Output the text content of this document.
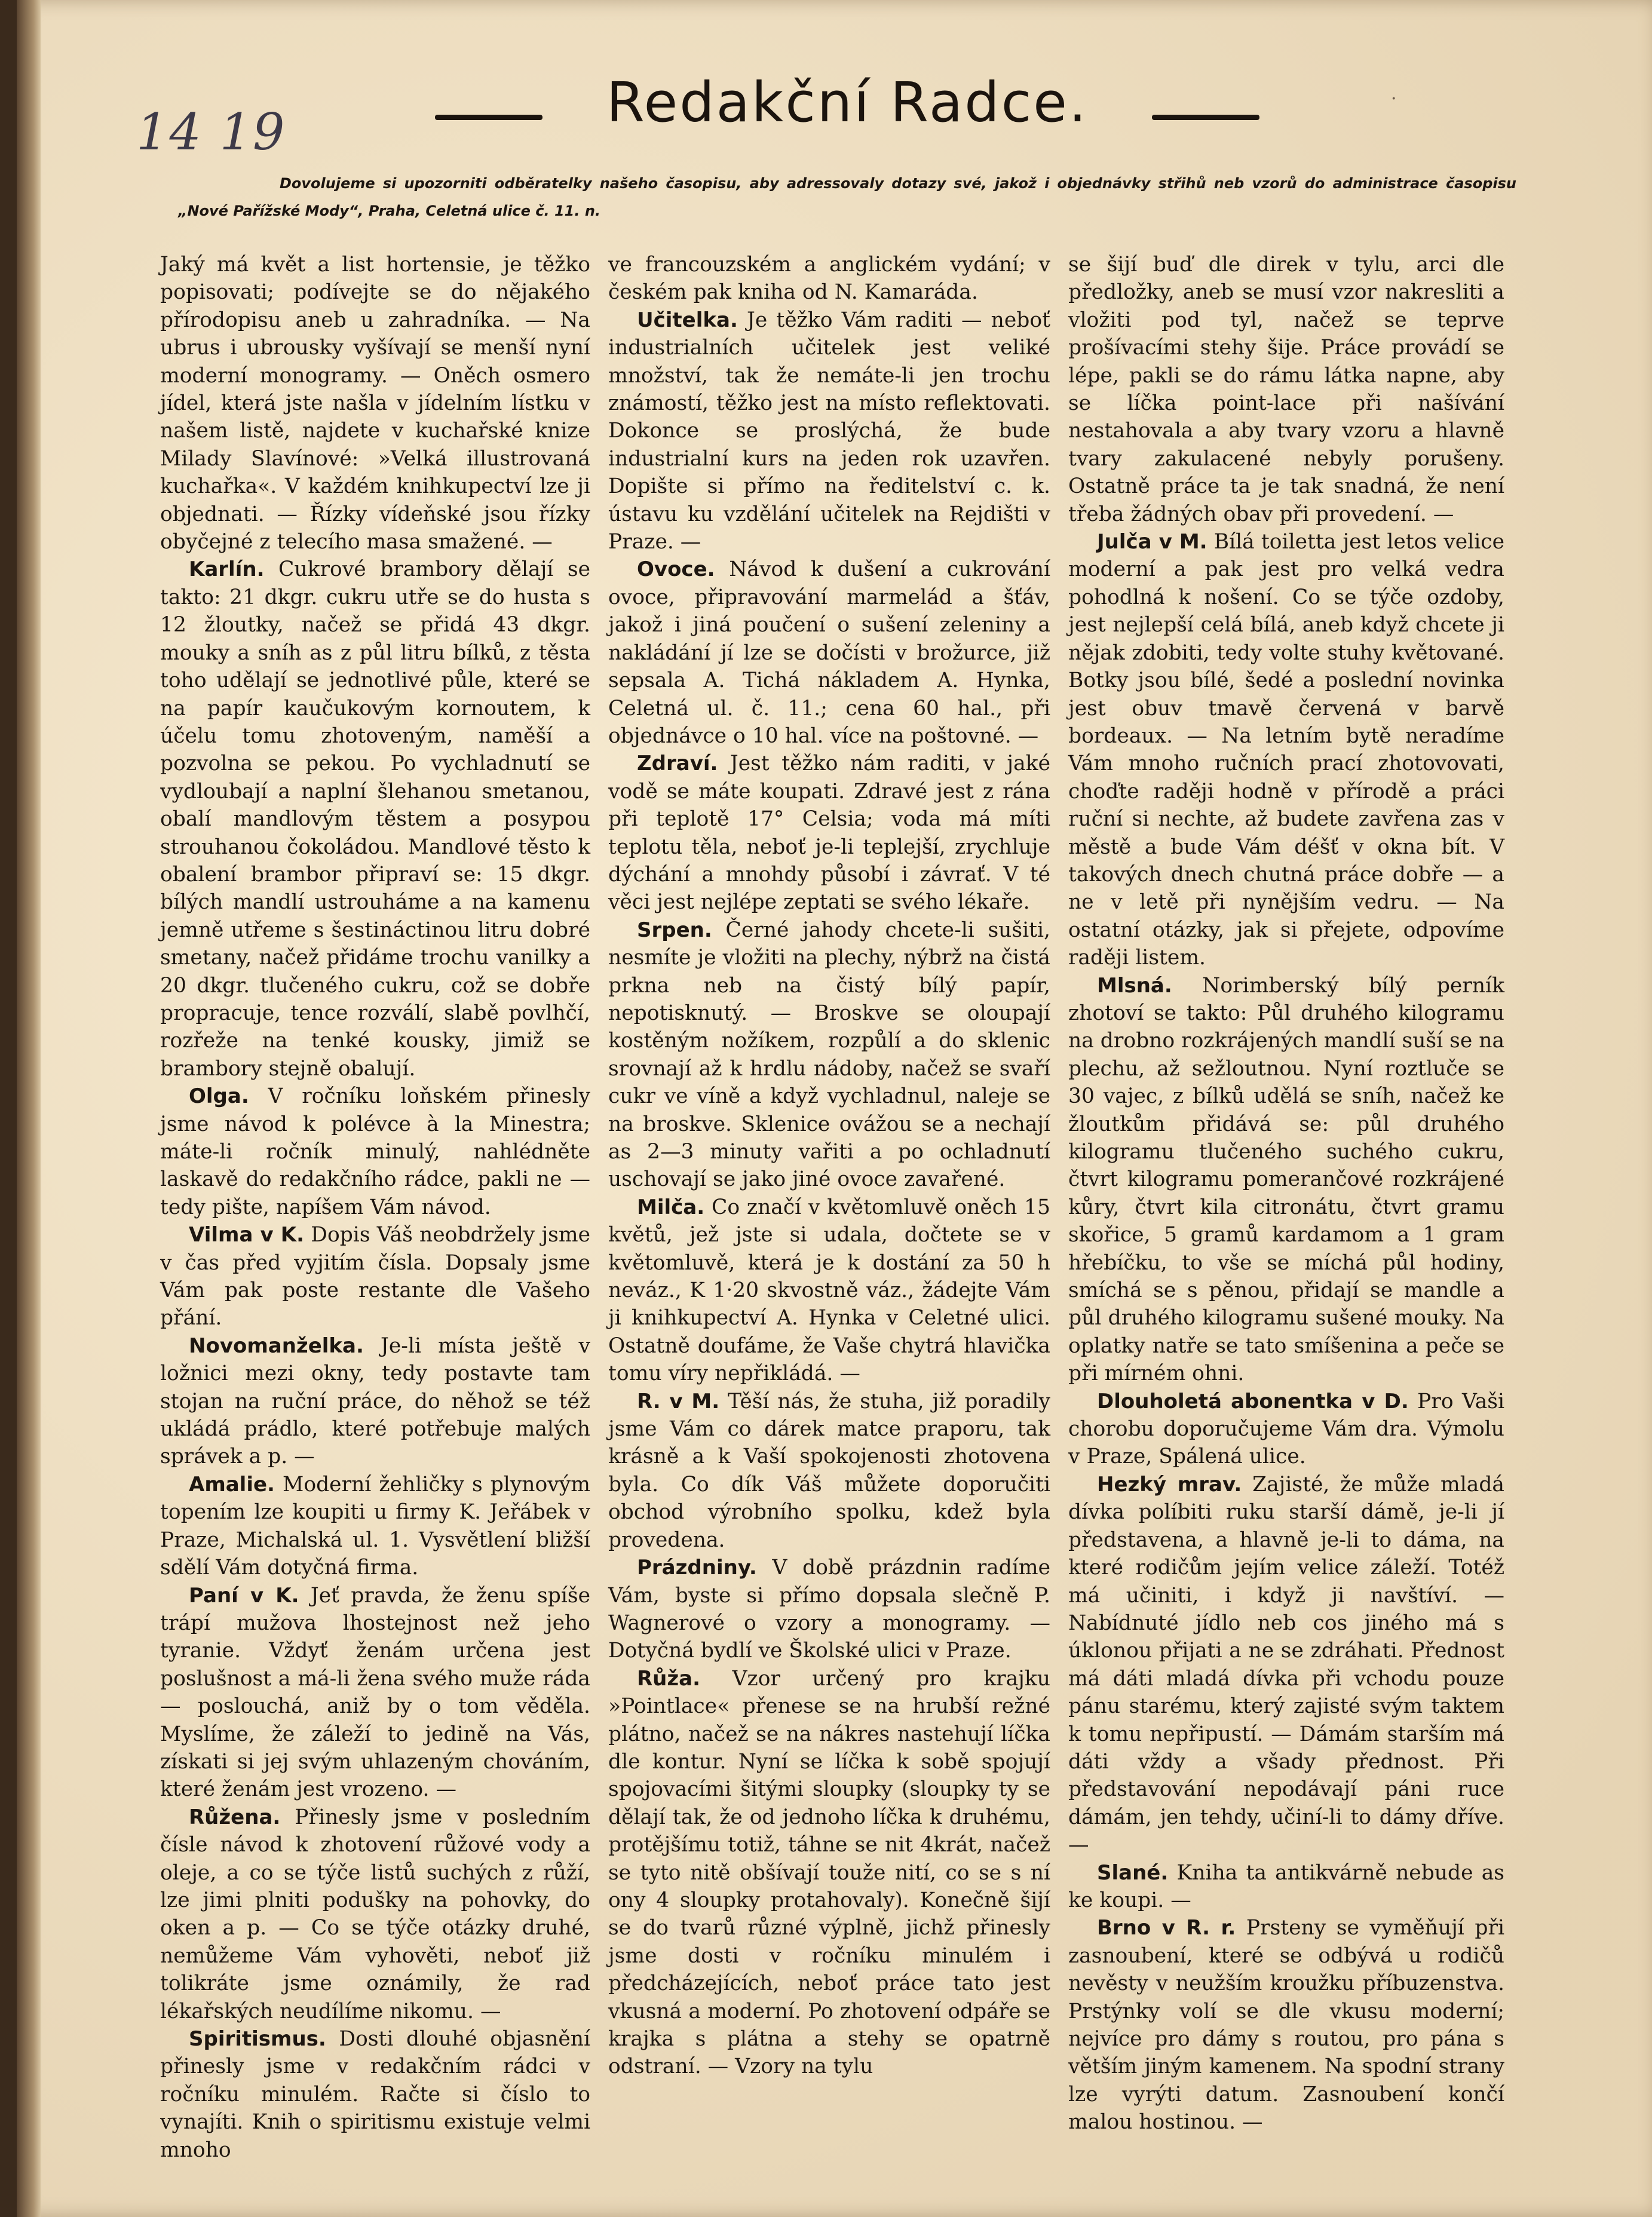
14 19
·
Redakční Radce.
Dovolujeme si upozorniti odběratelky našeho časopisu, aby adressovaly dotazy své, jakož i objednávky střihů neb vzorů do administrace časopisu „Nové Pařížské Mody“, Praha, Celetná ulice č. 11. n.

Jaký má květ a list hortensie, je těžko popisovati; podívejte se do nějakého přírodopisu aneb u zahradníka. — Na ubrus i ubrousky vyšívají se menší nyní moderní monogramy. — Oněch osmero jídel, která jste našla v jídelním lístku v našem listě, najdete v kuchařské knize Milady Slavínové: »Velká illustrovaná kuchařka«. V každém knihkupectví lze ji objednati. — Řízky vídeňské jsou řízky obyčejné z telecího masa smažené. —

Karlín. Cukrové brambory dělají se takto: 21 dkgr. cukru utře se do husta s 12 žloutky, načež se přidá 43 dkgr. mouky a sníh as z půl litru bílků, z těsta toho udělají se jednotlivé půle, které se na papír kaučukovým kornoutem, k účelu tomu zhotoveným, naměší a pozvolna se pekou. Po vychladnutí se vydloubají a naplní šlehanou smetanou, obalí mandlovým těstem a posypou strouhanou čokoládou. Mandlové těsto k obalení brambor připraví se: 15 dkgr. bílých mandlí ustrouháme a na kamenu jemně utřeme s šestináctinou litru dobré smetany, načež přidáme trochu vanilky a 20 dkgr. tlučeného cukru, což se dobře propracuje, tence rozválí, slabě povlhčí, rozřeže na tenké kousky, jimiž se brambory stejně obalují.

Olga. V ročníku loňském přinesly jsme návod k polévce à la Minestra; máte-li ročník minulý, nahlédněte laskavě do redakčního rádce, pakli ne — tedy pište, napíšem Vám návod.

Vilma v K. Dopis Váš neobdržely jsme v čas před vyjitím čísla. Dopsaly jsme Vám pak poste restante dle Vašeho přání.

Novomanželka. Je-li místa ještě v ložnici mezi okny, tedy postavte tam stojan na ruční práce, do něhož se též ukládá prádlo, které potřebuje malých správek a p. —

Amalie. Moderní žehličky s plynovým topením lze koupiti u firmy K. Jeřábek v Praze, Michalská ul. 1. Vysvětlení bližší sdělí Vám dotyčná firma.

Paní v K. Jeť pravda, že ženu spíše trápí mužova lhostejnost než jeho tyranie. Vždyť ženám určena jest poslušnost a má-li žena svého muže ráda — poslouchá, aniž by o tom věděla. Myslíme, že záleží to jedině na Vás, získati si jej svým uhlazeným chováním, které ženám jest vrozeno. —

Růžena. Přinesly jsme v posledním čísle návod k zhotovení růžové vody a oleje, a co se týče listů suchých z růží, lze jimi plniti podušky na pohovky, do oken a p. — Co se týče otázky druhé, nemůžeme Vám vyhověti, neboť již tolikráte jsme oznámily, že rad lékařských neudílíme nikomu. —

Spiritismus. Dosti dlouhé objasnění přinesly jsme v redakčním rádci v ročníku minulém. Račte si číslo to vynajíti. Knih o spiritismu existuje velmi mnoho

ve francouzském a anglickém vydání; v českém pak kniha od N. Kamarádа.

Učitelka. Je těžko Vám raditi — neboť industrialních učitelek jest veliké množství, tak že nemáte-li jen trochu známostí, těžko jest na místo reflektovati. Dokonce se proslýchá, že bude industrialní kurs na jeden rok uzavřen. Dopište si přímo na ředitelství c. k. ústavu ku vzdělání učitelek na Rejdišti v Praze. —

Ovoce. Návod k dušení a cukrování ovoce, připravování marmelád a šťáv, jakož i jiná poučení o sušení zeleniny a nakládání jí lze se dočísti v brožurce, již sepsala A. Tichá nákladem A. Hynka, Celetná ul. č. 11.; cena 60 hal., při objednávce o 10 hal. více na poštovné. —

Zdraví. Jest těžko nám raditi, v jaké vodě se máte koupati. Zdravé jest z rána při teplotě 17° Celsia; voda má míti teplotu těla, neboť je-li teplejší, zrychluje dýchání a mnohdy působí i závrať. V té věci jest nejlépe zeptati se svého lékaře.

Srpen. Černé jahody chcete-li sušiti, nesmíte je vložiti na plechy, nýbrž na čistá prkna neb na čistý bílý papír, nepotisknutý. — Broskve se oloupají kostěným nožíkem, rozpůlí a do sklenic srovnají až k hrdlu nádoby, načež se svaří cukr ve víně a když vychladnul, naleje se na broskve. Sklenice ovážou se a nechají as 2—3 minuty vařiti a po ochladnutí uschovají se jako jiné ovoce zavařené.

Milča. Co značí v květomluvě oněch 15 květů, jež jste si udala, dočtete se v květomluvě, která je k dostání za 50 h neváz., K 1·20 skvostně váz., žádejte Vám ji knihkupectví A. Hynka v Celetné ulici. Ostatně doufáme, že Vaše chytrá hlavička tomu víry nepřikládá. —

R. v M. Těší nás, že stuha, již poradily jsme Vám co dárek matce praporu, tak krásně a k Vaší spokojenosti zhotovena byla. Co dík Váš můžete doporučiti obchod výrobního spolku, kdež byla provedena.

Prázdniny. V době prázdnin radíme Vám, byste si přímo dopsala slečně P. Wagnerové o vzory a monogramy. — Dotyčná bydlí ve Školské ulici v Praze.

Růža. Vzor určený pro krajku »Pointlace« přenese se na hrubší režné plátno, načež se na nákres nastehují líčka dle kontur. Nyní se líčka k sobě spojují spojovacími šitými sloupky (sloupky ty se dělají tak, že od jednoho líčka k druhému, protějšímu totiž, táhne se nit 4krát, načež se tyto nitě obšívají touže nití, co se s ní ony 4 sloupky protahovaly). Konečně šijí se do tvarů různé výplně, jichž přinesly jsme dosti v ročníku minulém i předcházejících, neboť práce tato jest vkusná a moderní. Po zhotovení odpáře se krajka s plátna a stehy se opatrně odstraní. — Vzory na tylu

se šijí buď dle direk v tylu, arci dle předložky, aneb se musí vzor nakresliti a vložiti pod tyl, načež se teprve prošívacími stehy šije. Práce provádí se lépe, pakli se do rámu látka napne, aby se líčka point-lace při našívání nestahovala a aby tvary vzoru a hlavně tvary zakulacené nebyly porušeny. Ostatně práce ta je tak snadná, že není třeba žádných obav při provedení. —

Julča v M. Bílá toiletta jest letos velice moderní a pak jest pro velká vedra pohodlná k nošení. Co se týče ozdoby, jest nejlepší celá bílá, aneb když chcete ji nějak zdobiti, tedy volte stuhy květované. Botky jsou bílé, šedé a poslední novinka jest obuv tmavě červená v barvě bordeaux. — Na letním bytě neradíme Vám mnoho ručních prací zhotovovati, choďte raději hodně v přírodě a práci ruční si nechte, až budete zavřena zas v městě a bude Vám déšť v okna bít. V takových dnech chutná práce dobře — a ne v letě při nynějším vedru. — Na ostatní otázky, jak si přejete, odpovíme raději listem.

Mlsná. Norimberský bílý perník zhotoví se takto: Půl druhého kilogramu na drobno rozkrájených mandlí suší se na plechu, až sežloutnou. Nyní roztluče se 30 vajec, z bílků udělá se sníh, načež ke žloutkům přidává se: půl druhého kilogramu tlučeného suchého cukru, čtvrt kilogramu pomerančové rozkrájené kůry, čtvrt kila citronátu, čtvrt gramu skořice, 5 gramů kardamom a 1 gram hřebíčku, to vše se míchá půl hodiny, smíchá se s pěnou, přidají se mandle a půl druhého kilogramu sušené mouky. Na oplatky natře se tato smíšenina a peče se při mírném ohni.

Dlouholetá abonentka v D. Pro Vaši chorobu doporučujeme Vám dra. Výmolu v Praze, Spálená ulice.

Hezký mrav. Zajisté, že může mladá dívka políbiti ruku starší dámě, je-li jí představena, a hlavně je-li to dáma, na které rodičům jejím velice záleží. Totéž má učiniti, i když ji navštíví. — Nabídnuté jídlo neb cos jiného má s úklonou přijati a ne se zdráhati. Přednost má dáti mladá dívka při vchodu pouze pánu starému, který zajisté svým taktem k tomu nepřipustí. — Dámám starším má dáti vždy a všady přednost. Při představování nepodávají páni ruce dámám, jen tehdy, učiní-li to dámy dříve. —

Slané. Kniha ta antikvárně nebude as ke koupi. —

Brno v R. r. Prsteny se vyměňují při zasnoubení, které se odbývá u rodičů nevěsty v neužším kroužku příbuzenstva. Prstýnky volí se dle vkusu moderní; nejvíce pro dámy s routou, pro pána s větším jiným kamenem. Na spodní strany lze vyrýti datum. Zasnoubení končí malou hostinou. —
